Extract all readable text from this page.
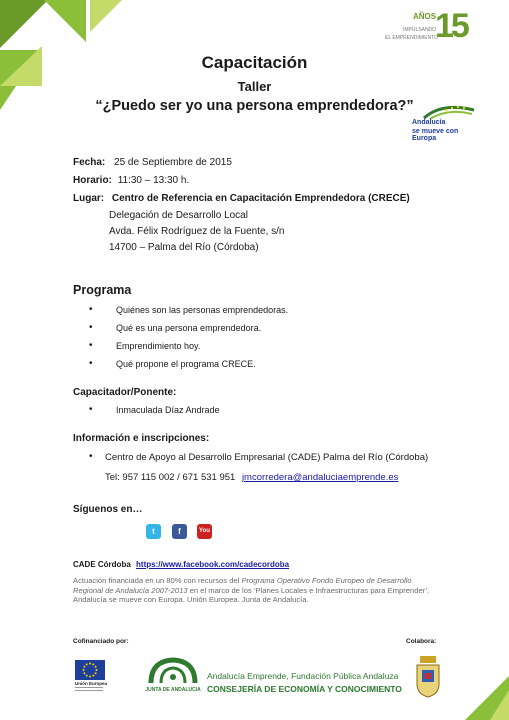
AÑOS
15
IMPULSANDO
EL EMPRENDIMIENTO
Andalucía
se mueve con Europa
Capacitación
Taller
“¿Puedo ser yo una persona emprendedora?”
Fecha: 25 de Septiembre de 2015
Horario: 11:30 – 13:30 h.
Lugar: Centro de Referencia en Capacitación Emprendedora (CRECE)
Delegación de Desarrollo Local
Avda. Félix Rodríguez de la Fuente, s/n
14700 – Palma del Río (Córdoba)
Programa
•	Quiénes son las personas emprendedoras.
•	Qué es una persona emprendedora.
•	Emprendimiento hoy.
•	Qué propone el programa CRECE.
Capacitador/Ponente:
•	Inmaculada Díaz Andrade
Información e inscripciones:
• Centro de Apoyo al Desarrollo Empresarial (CADE) Palma del Río (Córdoba)
Tel: 957 115 002 / 671 531 951 jmcorredera@andaluciaemprende.es
Síguenos en…
t	f	You
CADE Córdoba https://www.facebook.com/cadecordoba
Actuación financiada en un 80% con recursos del Programa Operativo Fondo Europeo de Desarrollo Regional de Andalucía 2007-2013 en el marco de los ‘Planes Locales e Infraestructuras para Emprender’. Andalucía se mueve con Europa. Unión Europea. Junta de Andalucía.
Cofinanciado por:	Colabora:
Unión Europea
JUNTA DE ANDALUCIA
Andalucía Emprende, Fundación Pública Andaluza
CONSEJERÍA DE ECONOMÍA Y CONOCIMIENTO
